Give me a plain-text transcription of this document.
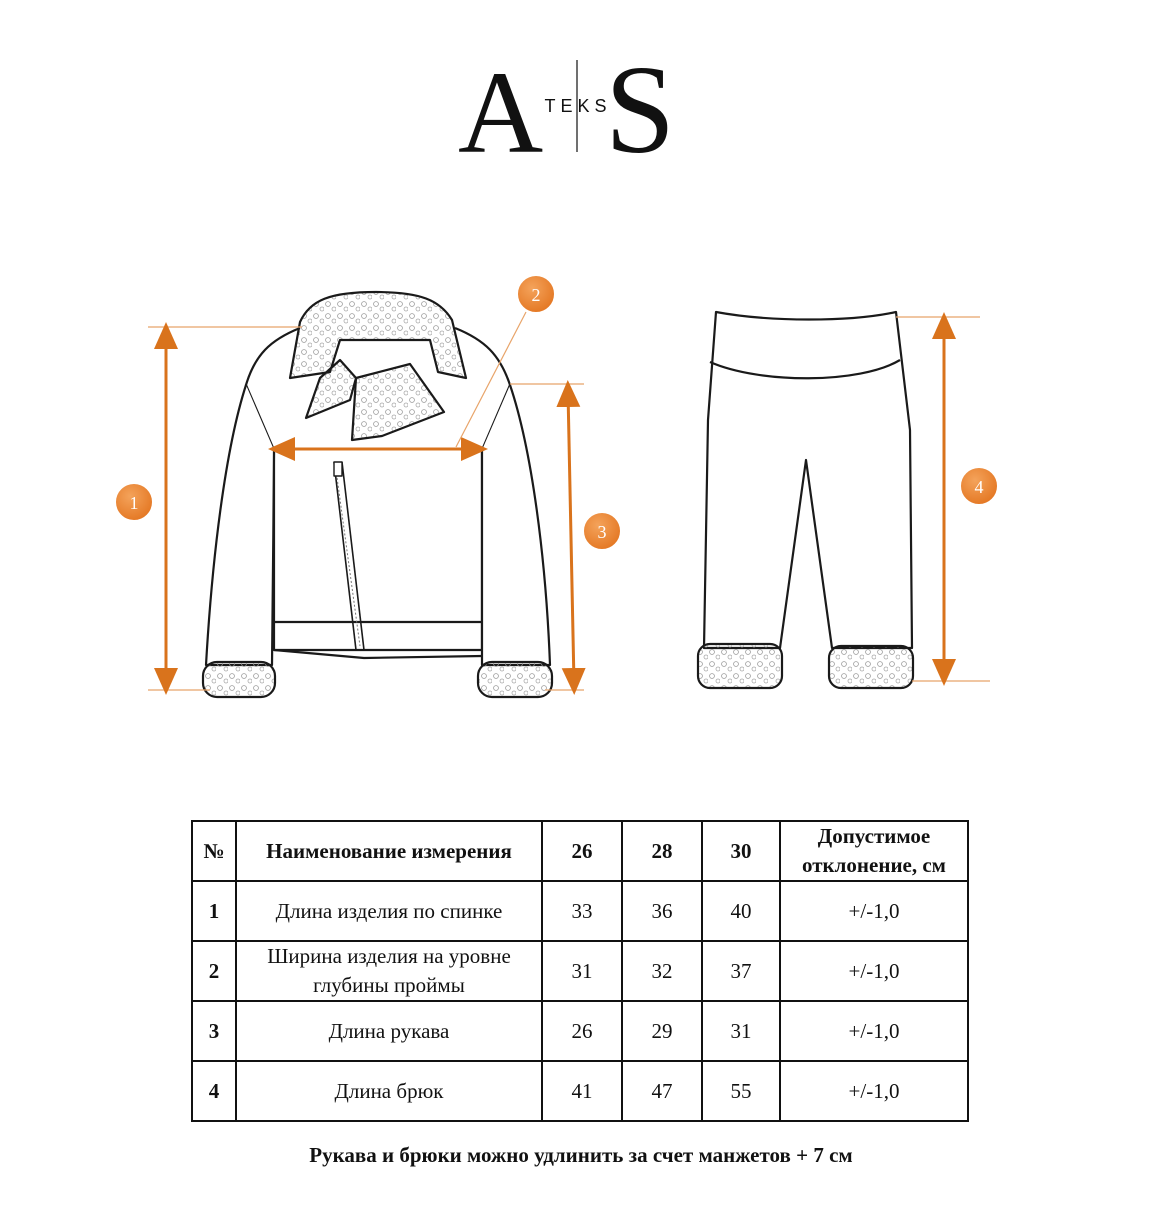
A TEKS
S
1
2
3
4
№	Наименование измерения	26	28	30	Допустимое отклонение, см

1	Длина изделия по спинке	33	36	40	+/-1,0
2	Ширина изделия на уровне глубины проймы	31	32	37	+/-1,0
3	Длина рукава	26	29	31	+/-1,0
4	Длина брюк	41	47	55	+/-1,0
Рукава и брюки можно удлинить за счет манжетов + 7 см
